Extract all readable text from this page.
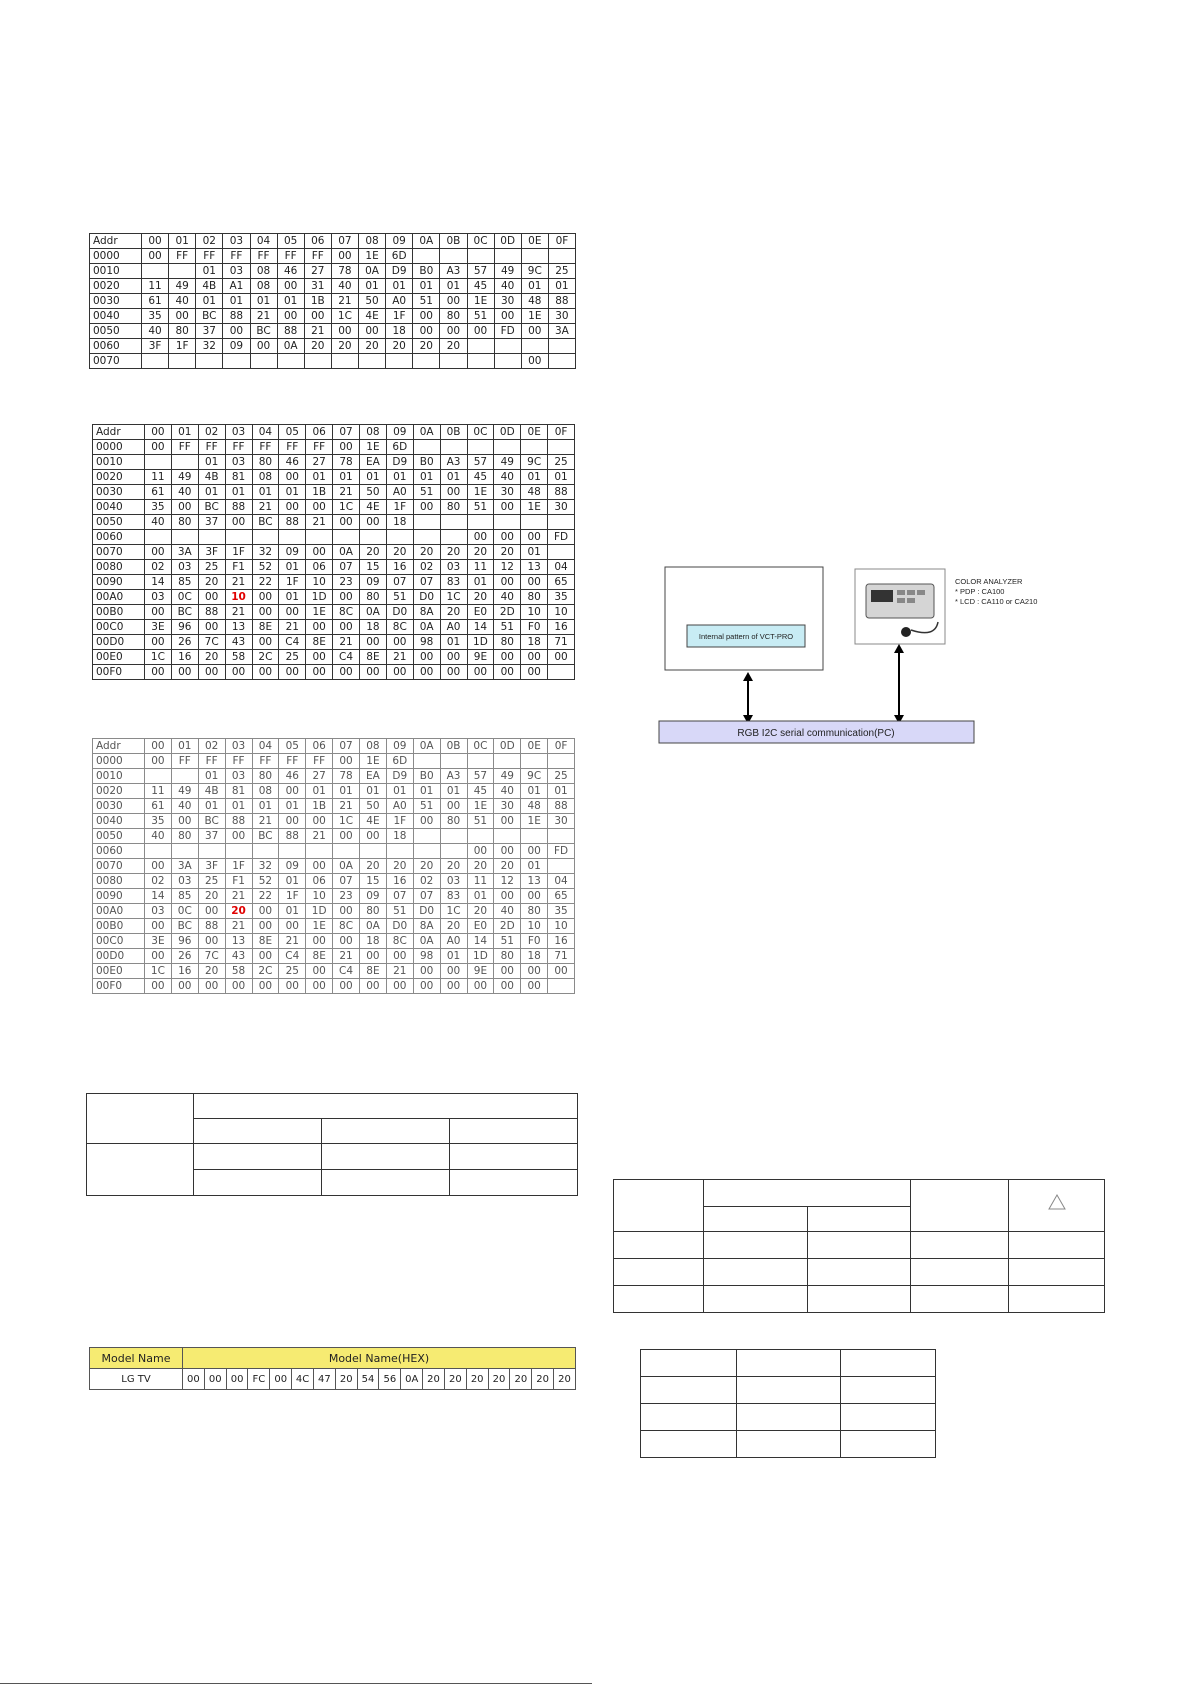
Addr	00	01	02	03	04	05	06	07	08	09	0A	0B	0C	0D	0E	0F
0000	00	FF	FF	FF	FF	FF	FF	00	1E	6D						
0010			01	03	08	46	27	78	0A	D9	B0	A3	57	49	9C	25
0020	11	49	4B	A1	08	00	31	40	01	01	01	01	45	40	01	01
0030	61	40	01	01	01	01	1B	21	50	A0	51	00	1E	30	48	88
0040	35	00	BC	88	21	00	00	1C	4E	1F	00	80	51	00	1E	30
0050	40	80	37	00	BC	88	21	00	00	18	00	00	00	FD	00	3A
0060	3F	1F	32	09	00	0A	20	20	20	20	20	20				
0070															00	
Addr	00	01	02	03	04	05	06	07	08	09	0A	0B	0C	0D	0E	0F
0000	00	FF	FF	FF	FF	FF	FF	00	1E	6D						
0010			01	03	80	46	27	78	EA	D9	B0	A3	57	49	9C	25
0020	11	49	4B	81	08	00	01	01	01	01	01	01	45	40	01	01
0030	61	40	01	01	01	01	1B	21	50	A0	51	00	1E	30	48	88
0040	35	00	BC	88	21	00	00	1C	4E	1F	00	80	51	00	1E	30
0050	40	80	37	00	BC	88	21	00	00	18						
0060													00	00	00	FD
0070	00	3A	3F	1F	32	09	00	0A	20	20	20	20	20	20	01	
0080	02	03	25	F1	52	01	06	07	15	16	02	03	11	12	13	04
0090	14	85	20	21	22	1F	10	23	09	07	07	83	01	00	00	65
00A0	03	0C	00	10	00	01	1D	00	80	51	D0	1C	20	40	80	35
00B0	00	BC	88	21	00	00	1E	8C	0A	D0	8A	20	E0	2D	10	10
00C0	3E	96	00	13	8E	21	00	00	18	8C	0A	A0	14	51	F0	16
00D0	00	26	7C	43	00	C4	8E	21	00	00	98	01	1D	80	18	71
00E0	1C	16	20	58	2C	25	00	C4	8E	21	00	00	9E	00	00	00
00F0	00	00	00	00	00	00	00	00	00	00	00	00	00	00	00	
Addr	00	01	02	03	04	05	06	07	08	09	0A	0B	0C	0D	0E	0F
0000	00	FF	FF	FF	FF	FF	FF	00	1E	6D						
0010			01	03	80	46	27	78	EA	D9	B0	A3	57	49	9C	25
0020	11	49	4B	81	08	00	01	01	01	01	01	01	45	40	01	01
0030	61	40	01	01	01	01	1B	21	50	A0	51	00	1E	30	48	88
0040	35	00	BC	88	21	00	00	1C	4E	1F	00	80	51	00	1E	30
0050	40	80	37	00	BC	88	21	00	00	18						
0060													00	00	00	FD
0070	00	3A	3F	1F	32	09	00	0A	20	20	20	20	20	20	01	
0080	02	03	25	F1	52	01	06	07	15	16	02	03	11	12	13	04
0090	14	85	20	21	22	1F	10	23	09	07	07	83	01	00	00	65
00A0	03	0C	00	20	00	01	1D	00	80	51	D0	1C	20	40	80	35
00B0	00	BC	88	21	00	00	1E	8C	0A	D0	8A	20	E0	2D	10	10
00C0	3E	96	00	13	8E	21	00	00	18	8C	0A	A0	14	51	F0	16
00D0	00	26	7C	43	00	C4	8E	21	00	00	98	01	1D	80	18	71
00E0	1C	16	20	58	2C	25	00	C4	8E	21	00	00	9E	00	00	00
00F0	00	00	00	00	00	00	00	00	00	00	00	00	00	00	00	

Model Name	Model Name(HEX)																	
LG TV	00	00	00	FC	00	4C	47	20	54	56	0A	20	20	20	20	20	20	20
Internal pattern of VCT-PRO
COLOR ANALYZER
* PDP : CA100
* LCD : CA110 or CA210
RGB I2C serial communication(PC)
